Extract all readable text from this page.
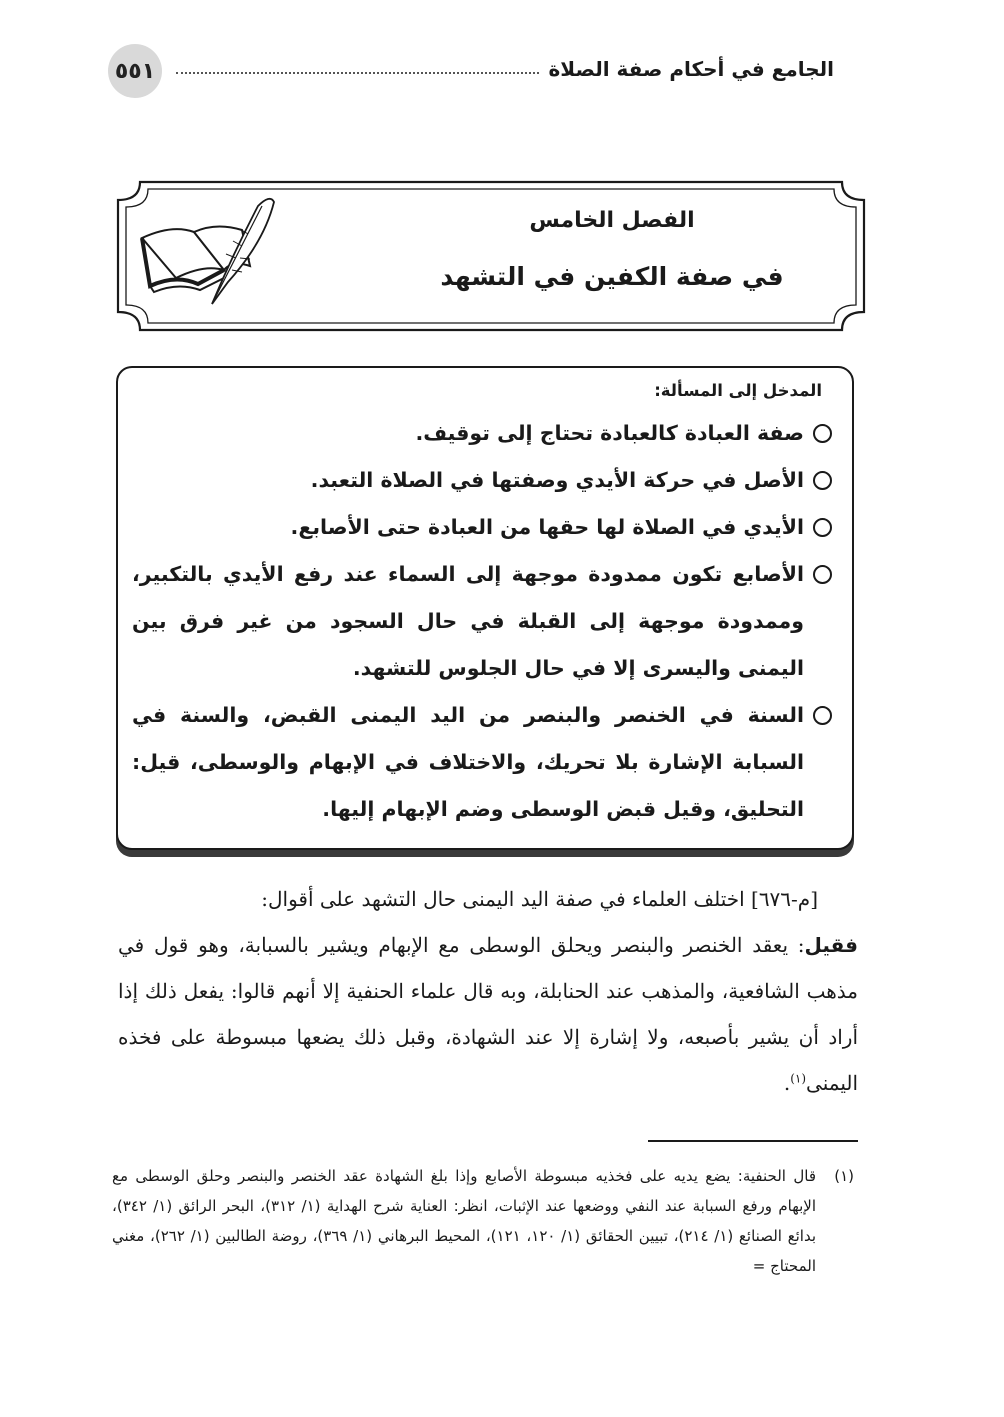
٥٥١	الجامع في أحكام صفة الصلاة
الفصل الخامس
في صفة الكفين في التشهد
المدخل إلى المسألة:
صفة العبادة كالعبادة تحتاج إلى توقيف.
الأصل في حركة الأيدي وصفتها في الصلاة التعبد.
الأيدي في الصلاة لها حقها من العبادة حتى الأصابع.
الأصابع تكون ممدودة موجهة إلى السماء عند رفع الأيدي بالتكبير، وممدودة موجهة إلى القبلة في حال السجود من غير فرق بين اليمنى واليسرى إلا في حال الجلوس للتشهد.
السنة في الخنصر والبنصر من اليد اليمنى القبض، والسنة في السبابة الإشارة بلا تحريك، والاختلاف في الإبهام والوسطى، قيل: التحليق، وقيل قبض الوسطى وضم الإبهام إليها.

[م-٦٧٦] اختلف العلماء في صفة اليد اليمنى حال التشهد على أقوال:

فقيل: يعقد الخنصر والبنصر ويحلق الوسطى مع الإبهام ويشير بالسبابة، وهو قول في مذهب الشافعية، والمذهب عند الحنابلة، وبه قال علماء الحنفية إلا أنهم قالوا: يفعل ذلك إذا أراد أن يشير بأصبعه، ولا إشارة إلا عند الشهادة، وقبل ذلك يضعها مبسوطة على فخذه اليمنى$^{(١)}$.

(١)
قال الحنفية: يضع يديه على فخذيه مبسوطة الأصابع وإذا بلغ الشهادة عقد الخنصر والبنصر وحلق الوسطى مع الإبهام ورفع السبابة عند النفي ووضعها عند الإثبات، انظر: العناية شرح الهداية (١/ ٣١٢)، البحر الرائق (١/ ٣٤٢)، بدائع الصنائع (١/ ٢١٤)، تبيين الحقائق (١/ ١٢٠، ١٢١)، المحيط البرهاني (١/ ٣٦٩)، روضة الطالبين (١/ ٢٦٢)، مغني المحتاج =
